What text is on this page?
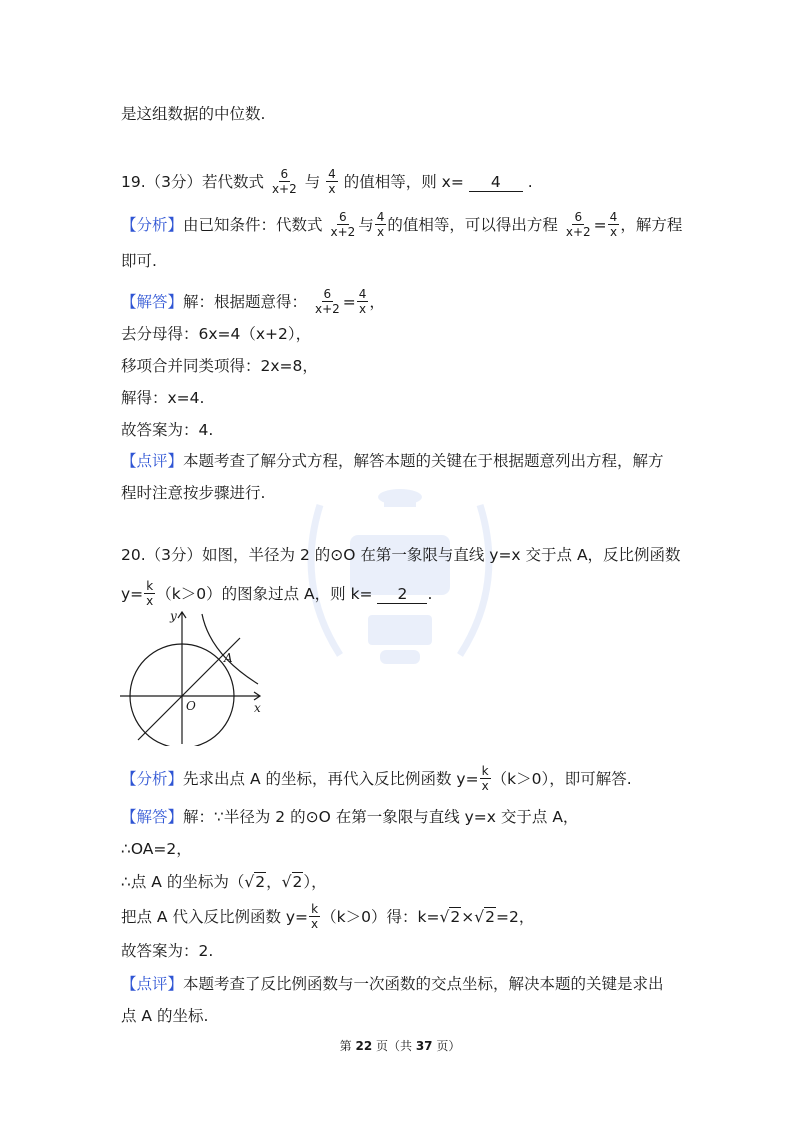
是这组数据的中位数.
19.（3分）若代数式 $\frac{6}{x+2}$ 与 $\frac{4}{x}$ 的值相等，则 x= 4 .
【分析】由已知条件：代数式 $\frac{6}{x+2}$ 与 $\frac{4}{x}$ 的值相等，可以得出方程 $\frac{6}{x+2} = \frac{4}{x}$ ，解方程
即可.
【解答】解：根据题意得： $\frac{6}{x+2} = \frac{4}{x}$ ，
去分母得：6x=4（x+2），
移项合并同类项得：2x=8，
解得：x=4.
故答案为：4.
【点评】本题考查了解分式方程，解答本题的关键在于根据题意列出方程，解方
程时注意按步骤进行.
20.（3分）如图，半径为 2 的⊙O 在第一象限与直线 y=x 交于点 A，反比例函数
$y= \frac{k}{x} (k>0)$的图象过点 A，则 k= 2 .
y
x
O
A
【分析】先求出点 A 的坐标，再代入反比例函数 $y= \frac{k}{x} (k>0)$，即可解答.
【解答】解：∵半径为 2 的⊙O 在第一象限与直线 y=x 交于点 A，
∴OA=2，
∴点 A 的坐标为（√2，√2），
把点 A 代入反比例函数 $y= \frac{k}{x} (k>0)$得：k=√2×√2=2，
故答案为：2.
【点评】本题考查了反比例函数与一次函数的交点坐标，解决本题的关键是求出
点 A 的坐标.
第 22 页（共 37 页）
